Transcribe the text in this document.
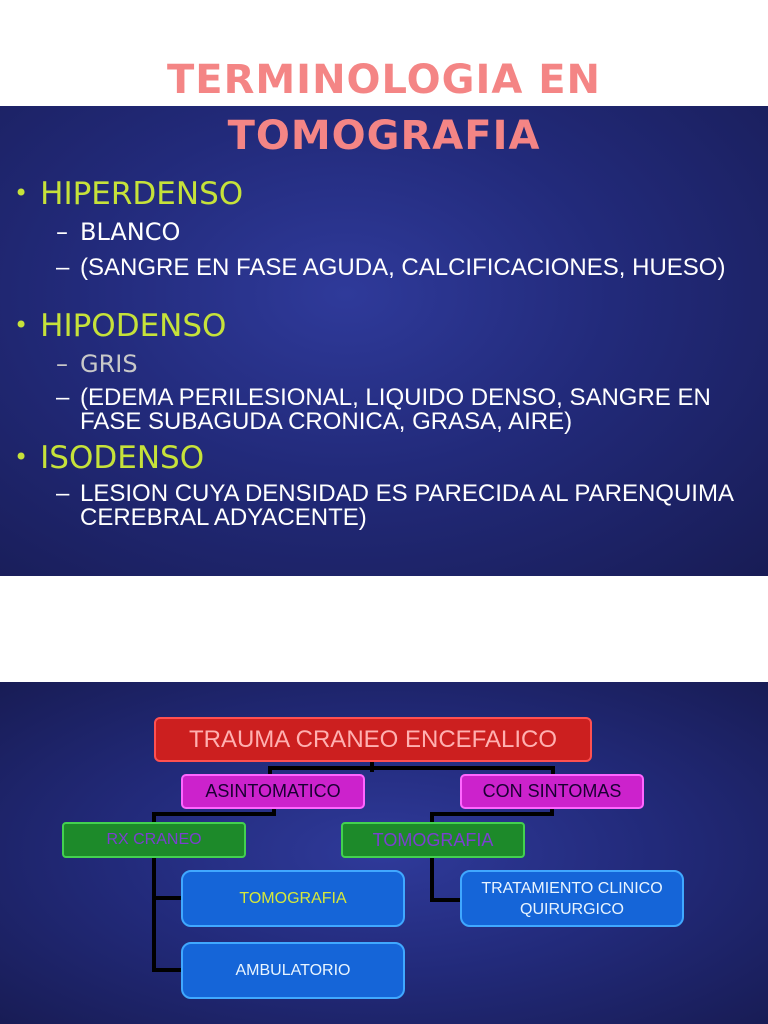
TERMINOLOGIA EN
TOMOGRAFIA
• HIPERDENSO
– BLANCO
– (SANGRE EN FASE AGUDA, CALCIFICACIONES, HUESO)
• HIPODENSO
– GRIS
– (EDEMA PERILESIONAL, LIQUIDO DENSO, SANGRE EN FASE SUBAGUDA CRONICA, GRASA, AIRE)
• ISODENSO
– LESION CUYA DENSIDAD ES PARECIDA AL PARENQUIMA CEREBRAL ADYACENTE)
TRAUMA CRANEO ENCEFALICO
ASINTOMATICO	CON SINTOMAS
RX CRANEO	TOMOGRAFIA
TOMOGRAFIA
AMBULATORIO
TRATAMIENTO CLINICO QUIRURGICO
